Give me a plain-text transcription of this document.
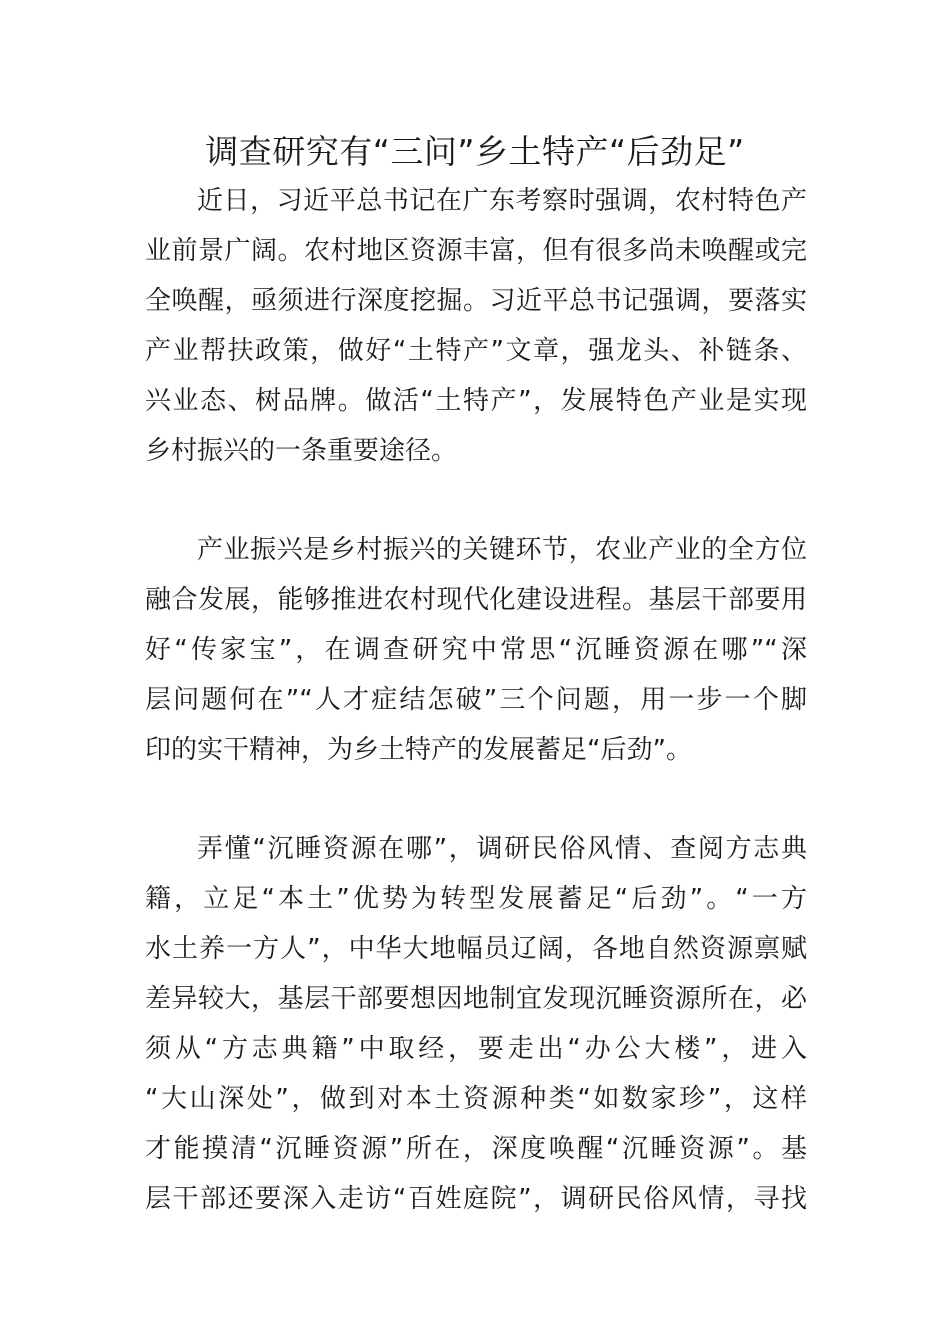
调查研究有“三问”乡土特产“后劲足”
近日，习近平总书记在广东考察时强调，农村特色产
业前景广阔。农村地区资源丰富，但有很多尚未唤醒或完
全唤醒，亟须进行深度挖掘。习近平总书记强调，要落实
产业帮扶政策，做好“土特产”文章，强龙头、补链条、
兴业态、树品牌。做活“土特产”，发展特色产业是实现
乡村振兴的一条重要途径。
产业振兴是乡村振兴的关键环节，农业产业的全方位
融合发展，能够推进农村现代化建设进程。基层干部要用
好“传家宝”，在调查研究中常思“沉睡资源在哪”“深
层问题何在”“人才症结怎破”三个问题，用一步一个脚
印的实干精神，为乡土特产的发展蓄足“后劲”。
弄懂“沉睡资源在哪”，调研民俗风情、查阅方志典
籍，立足“本土”优势为转型发展蓄足“后劲”。“一方
水土养一方人”，中华大地幅员辽阔，各地自然资源禀赋
差异较大，基层干部要想因地制宜发现沉睡资源所在，必
须从“方志典籍”中取经，要走出“办公大楼”，进入
“大山深处”，做到对本土资源种类“如数家珍”，这样
才能摸清“沉睡资源”所在，深度唤醒“沉睡资源”。基
层干部还要深入走访“百姓庭院”，调研民俗风情，寻找
